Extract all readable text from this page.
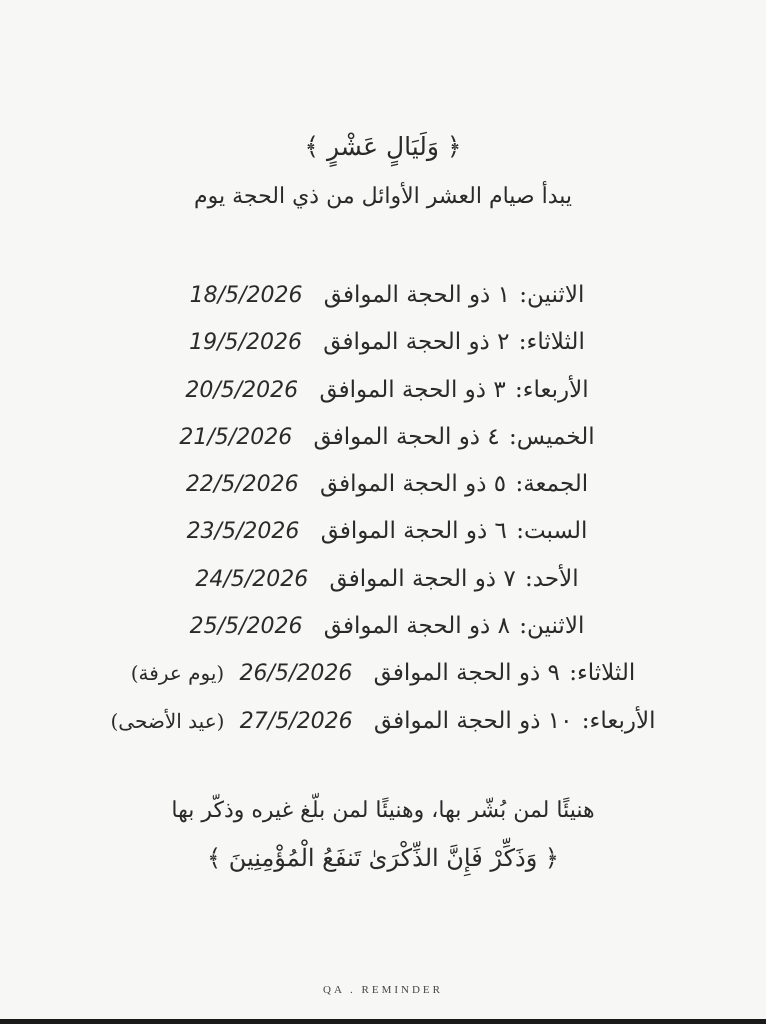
﴿ وَلَيَالٍ عَشْرٍ ﴾
يبدأ صيام العشر الأوائل من ذي الحجة يوم
الاثنين: ١ ذو الحجة الموافق 18/5/2026
الثلاثاء: ٢ ذو الحجة الموافق 19/5/2026
الأربعاء: ٣ ذو الحجة الموافق 20/5/2026
الخميس: ٤ ذو الحجة الموافق 21/5/2026
الجمعة: ٥ ذو الحجة الموافق 22/5/2026
السبت: ٦ ذو الحجة الموافق 23/5/2026
الأحد: ٧ ذو الحجة الموافق 24/5/2026
الاثنين: ٨ ذو الحجة الموافق 25/5/2026
الثلاثاء: ٩ ذو الحجة الموافق 26/5/2026 (يوم عرفة)
الأربعاء: ١٠ ذو الحجة الموافق 27/5/2026 (عيد الأضحى)
هنيئًا لمن بُشّر بها، وهنيئًا لمن بلّغ غيره وذكّر بها
﴿ وَذَكِّرْ فَإِنَّ الذِّكْرَىٰ تَنفَعُ الْمُؤْمِنِينَ ﴾
QA . REMINDER
